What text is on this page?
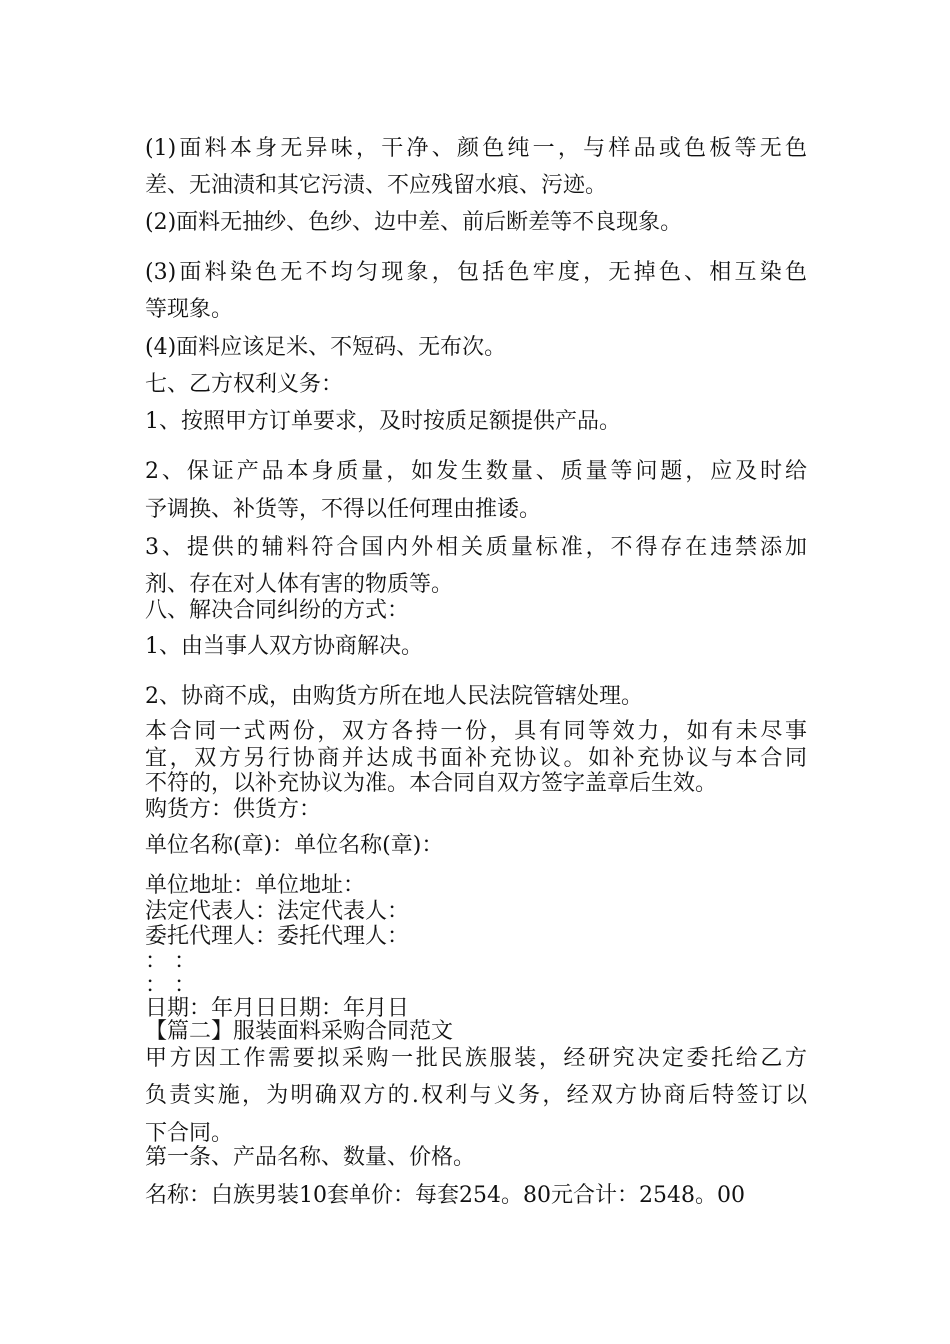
(1)面料本身无异味，干净、颜色纯一，与样品或色板等无色
差、无油渍和其它污渍、不应残留水痕、污迹。
(2)面料无抽纱、色纱、边中差、前后断差等不良现象。
(3)面料染色无不均匀现象，包括色牢度，无掉色、相互染色
等现象。
(4)面料应该足米、不短码、无布次。
七、乙方权利义务：
1、按照甲方订单要求，及时按质足额提供产品。
2、保证产品本身质量，如发生数量、质量等问题，应及时给
予调换、补货等，不得以任何理由推诿。
3、提供的辅料符合国内外相关质量标准，不得存在违禁添加
剂、存在对人体有害的物质等。
八、解决合同纠纷的方式：
1、由当事人双方协商解决。
2、协商不成，由购货方所在地人民法院管辖处理。
本合同一式两份，双方各持一份，具有同等效力，如有未尽事
宜，双方另行协商并达成书面补充协议。如补充协议与本合同
不符的，以补充协议为准。本合同自双方签字盖章后生效。
购货方：供货方：
单位名称(章)：单位名称(章)：
单位地址：单位地址：
法定代表人：法定代表人：
委托代理人：委托代理人：
： ：
： ：
日期：年月日日期：年月日
【篇二】服装面料采购合同范文
甲方因工作需要拟采购一批民族服装，经研究决定委托给乙方
负责实施，为明确双方的.权利与义务，经双方协商后特签订以
下合同。
第一条、产品名称、数量、价格。
名称：白族男装10套单价：每套254。80元合计：2548。00
